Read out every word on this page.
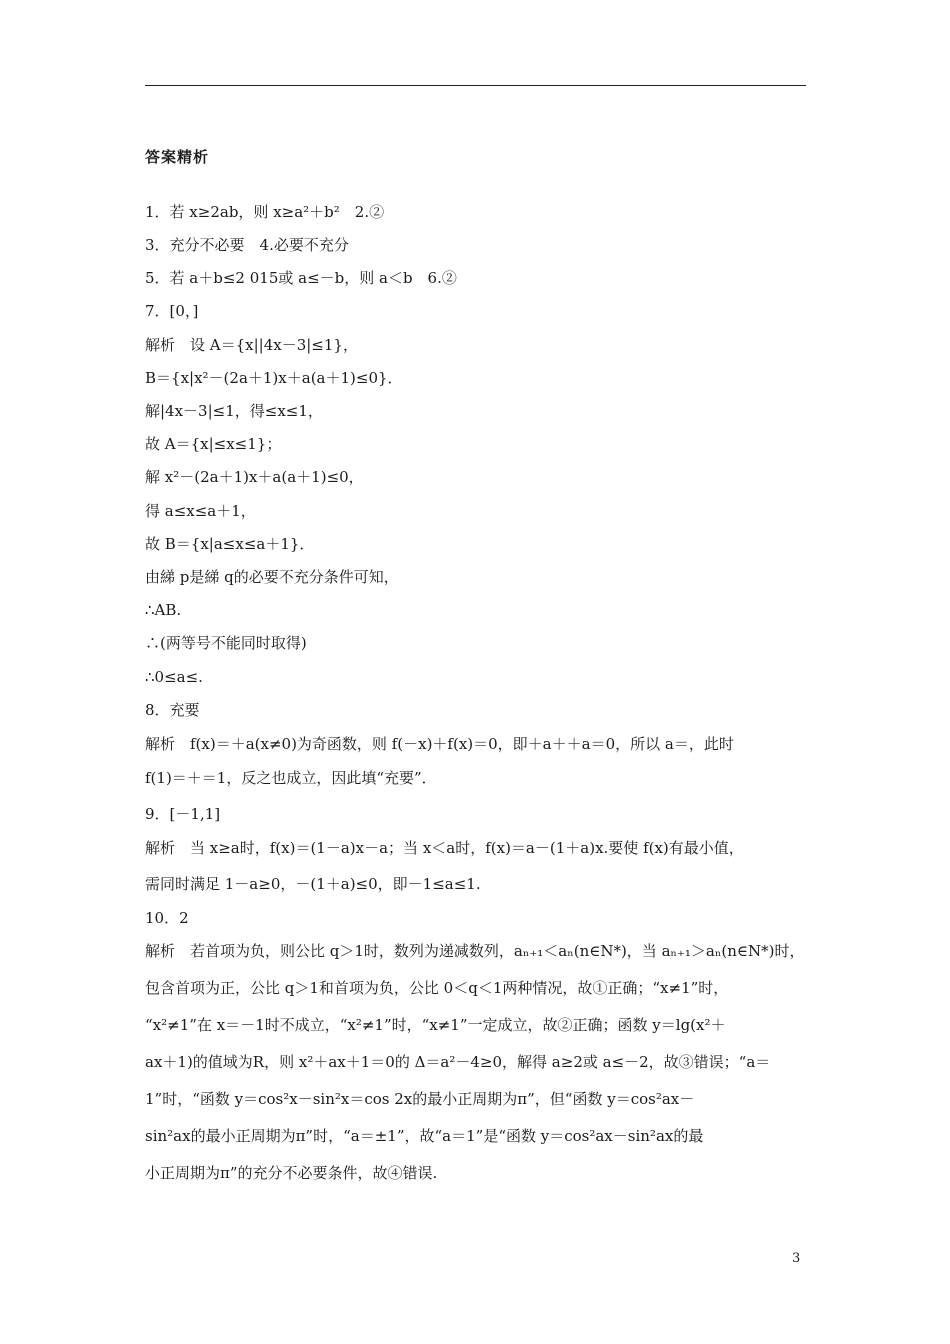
答案精析
1．若 x≥2ab，则 x≥a²＋b²　2.②
3．充分不必要　4.必要不充分
5．若 a＋b≤2 015或 a≤－b，则 a＜b　6.②
7．[0，]
解析　设 A＝{x||4x－3|≤1}，
B＝{x|x²－(2a＋1)x＋a(a＋1)≤0}．
解|4x－3|≤1，得≤x≤1，
故 A＝{x|≤x≤1}；
解 x²－(2a＋1)x＋a(a＋1)≤0，
得 a≤x≤a＋1，
故 B＝{x|a≤x≤a＋1}．
由綈 p是綈 q的必要不充分条件可知，
∴AB.
∴(两等号不能同时取得)
∴0≤a≤.
8．充要
解析　f(x)＝＋a(x≠0)为奇函数，则 f(－x)＋f(x)＝0，即＋a＋＋a＝0，所以 a＝，此时
f(1)＝＋＝1，反之也成立，因此填“充要”．
9．[－1,1]
解析　当 x≥a时，f(x)＝(1－a)x－a；当 x＜a时，f(x)＝a－(1＋a)x.要使 f(x)有最小值，
需同时满足 1－a≥0，－(1＋a)≤0，即－1≤a≤1.
10．2
解析　若首项为负，则公比 q＞1时，数列为递减数列，aₙ₊₁＜aₙ(n∈N*)，当 aₙ₊₁＞aₙ(n∈N*)时，
包含首项为正，公比 q＞1和首项为负，公比 0＜q＜1两种情况，故①正确；“x≠1”时，
“x²≠1”在 x＝－1时不成立，“x²≠1”时，“x≠1”一定成立，故②正确；函数 y＝lg(x²＋
ax＋1)的值域为R，则 x²＋ax＋1＝0的 Δ＝a²－4≥0，解得 a≥2或 a≤－2，故③错误；“a＝
1”时，“函数 y＝cos²x－sin²x＝cos 2x的最小正周期为π”，但“函数 y＝cos²ax－
sin²ax的最小正周期为π”时，“a＝±1”，故“a＝1”是“函数 y＝cos²ax－sin²ax的最
小正周期为π”的充分不必要条件，故④错误.
3
